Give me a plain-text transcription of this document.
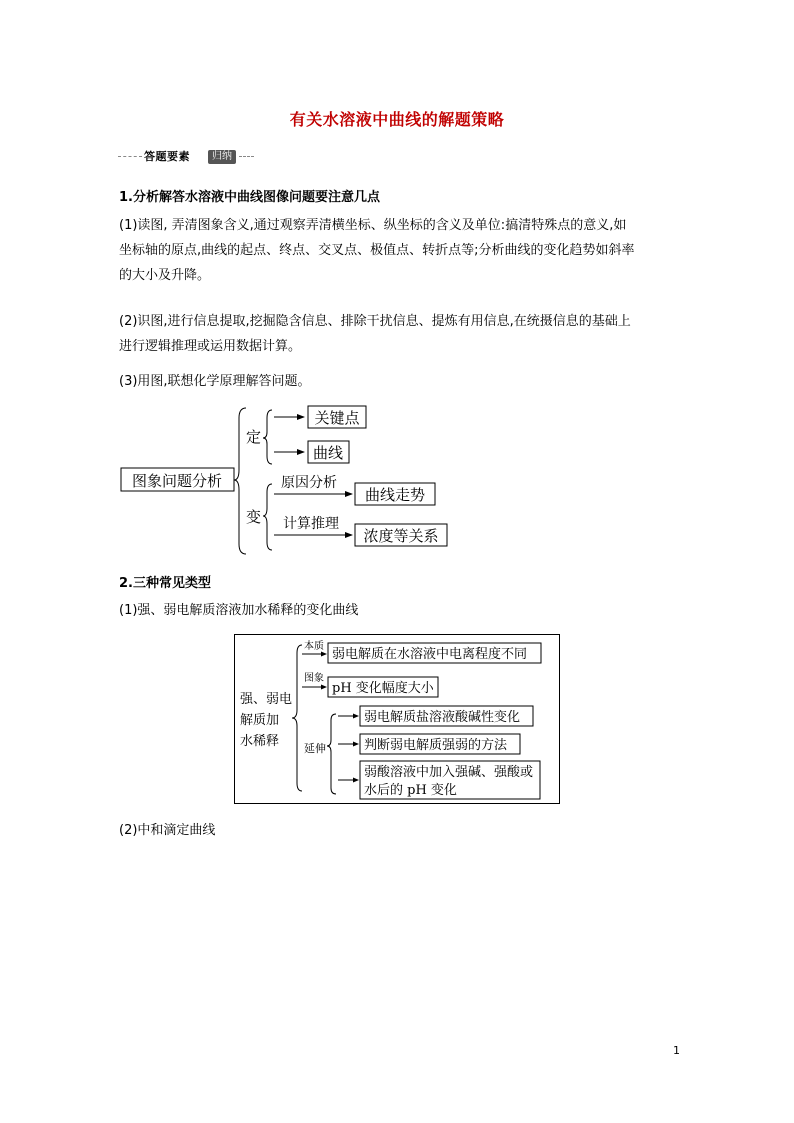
有关水溶液中曲线的解题策略
答题要素	归纳
1.分析解答水溶液中曲线图像问题要注意几点
(1)读图, 弄清图象含义,通过观察弄清横坐标、纵坐标的含义及单位:搞清特殊点的意义,如
坐标轴的原点,曲线的起点、终点、交叉点、极值点、转折点等;分析曲线的变化趋势如斜率
的大小及升降。
(2)识图,进行信息提取,挖掘隐含信息、排除干扰信息、提炼有用信息,在统摄信息的基础上
进行逻辑推理或运用数据计算。
(3)用图,联想化学原理解答问题。
图象问题分析
定
变
关键点
曲线
原因分析
曲线走势
计算推理
浓度等关系
2.三种常见类型
(1)强、弱电解质溶液加水稀释的变化曲线
强、弱电
解质加
水稀释
本质
弱电解质在水溶液中电离程度不同
图象
pH 变化幅度大小
延伸
弱电解质盐溶液酸碱性变化
判断弱电解质强弱的方法
弱酸溶液中加入强碱、强酸或
水后的 pH 变化
(2)中和滴定曲线
1
